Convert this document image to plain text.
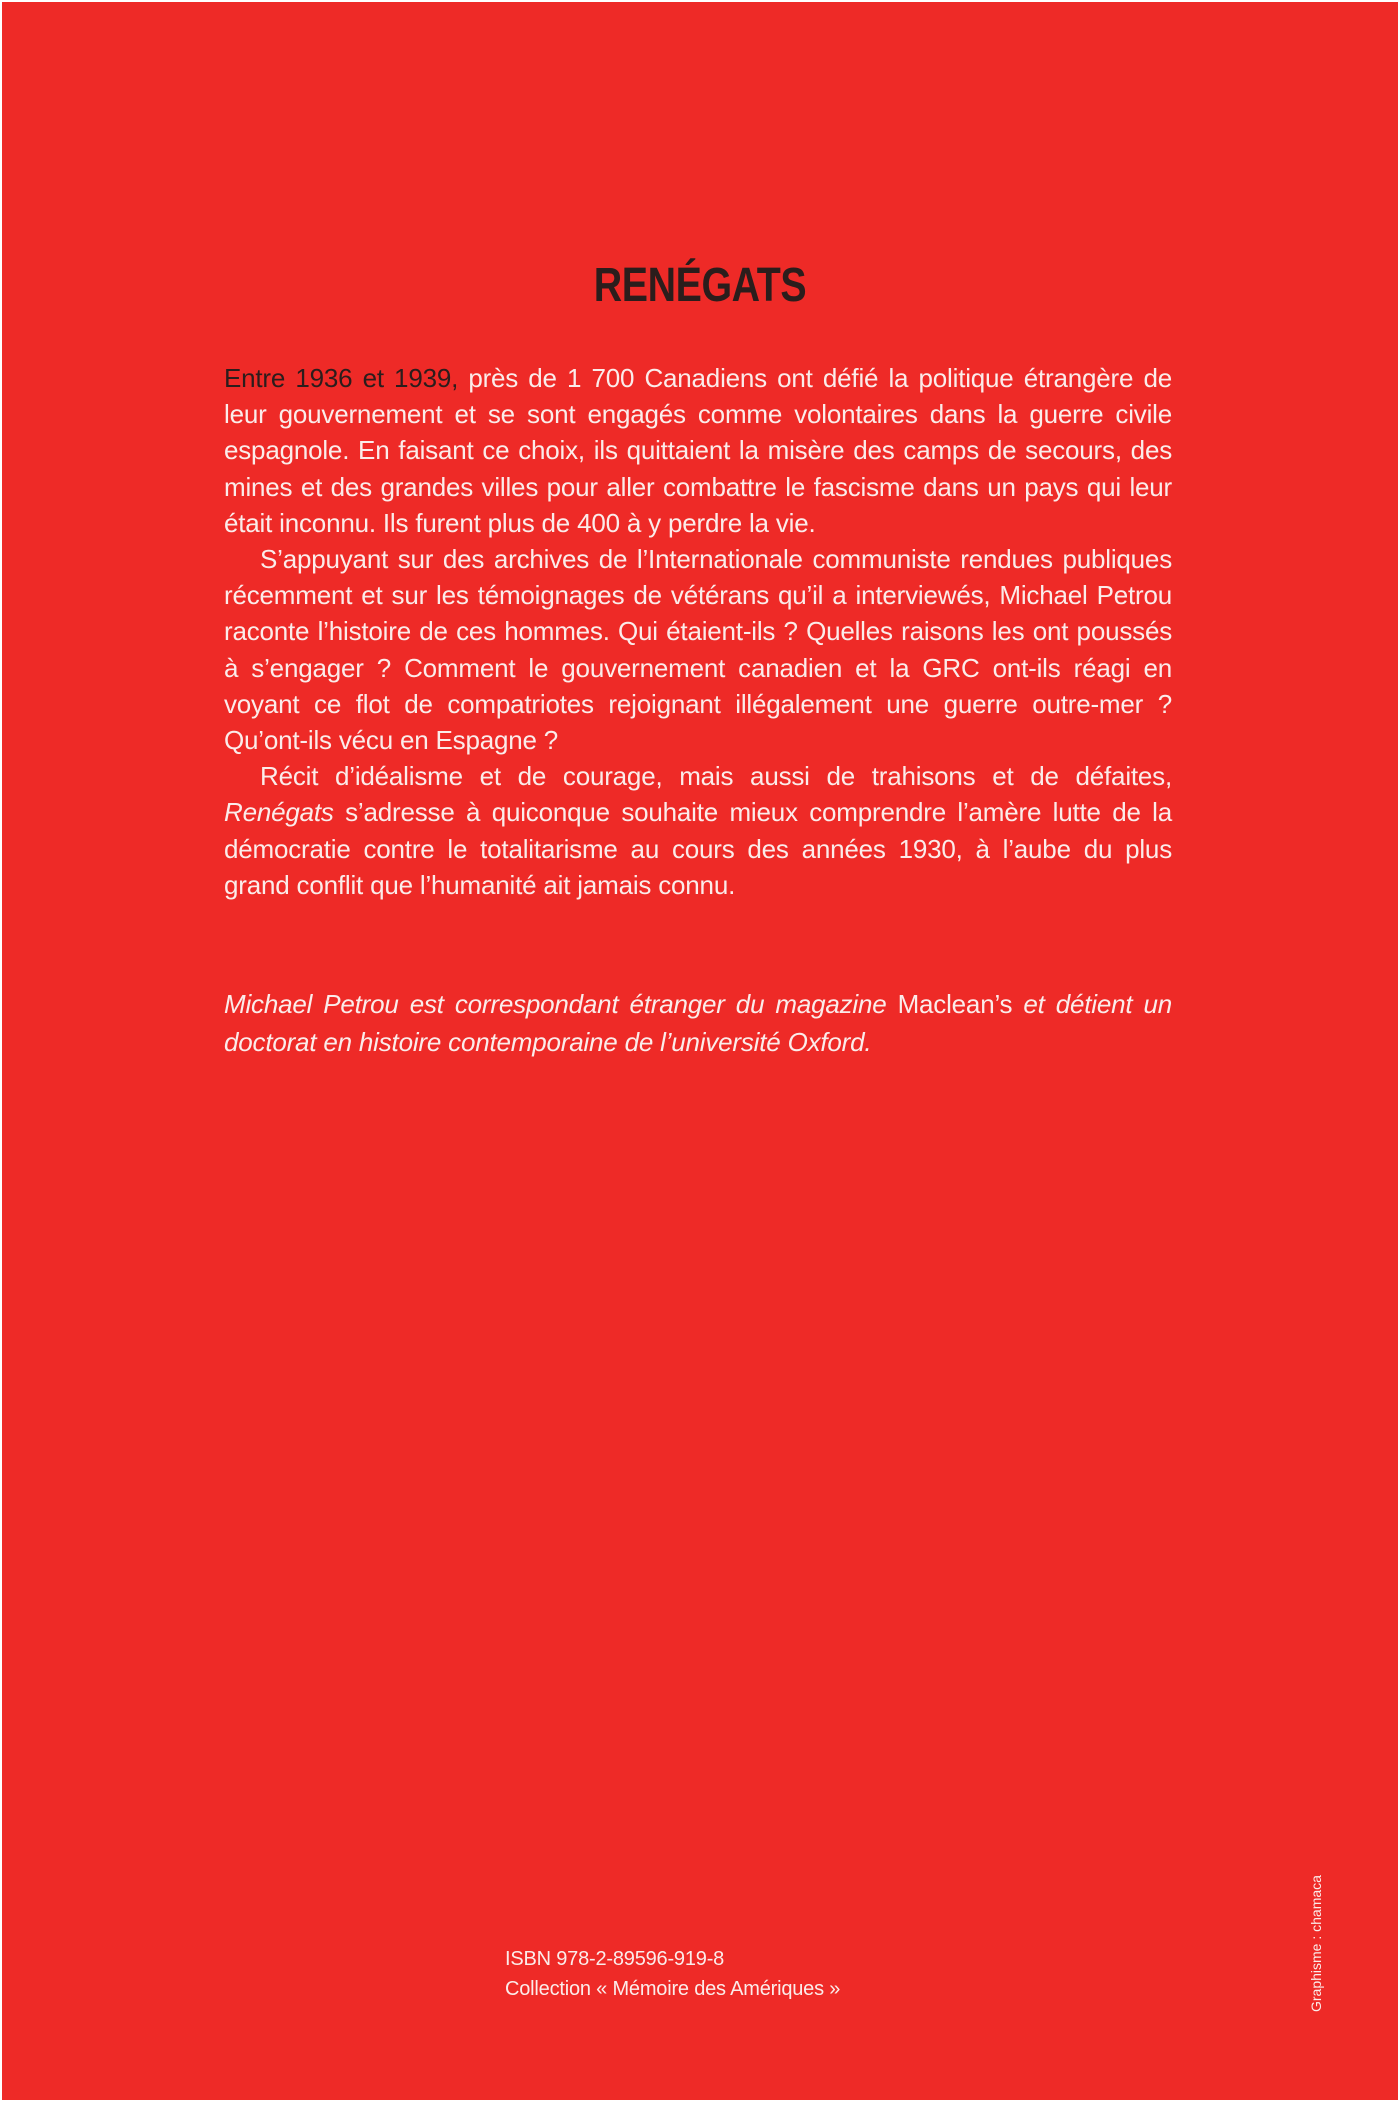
RENÉGATS

Entre 1936 et 1939, près de 1 700 Canadiens ont défié la politique étrangère de leur gouvernement et se sont engagés comme volontaires dans la guerre civile espagnole. En faisant ce choix, ils quittaient la misère des camps de secours, des mines et des grandes villes pour aller combattre le fascisme dans un pays qui leur était inconnu. Ils furent plus de 400 à y perdre la vie.

S’appuyant sur des archives de l’Internationale communiste rendues publiques récemment et sur les témoignages de vétérans qu’il a interviewés, Michael Petrou raconte l’histoire de ces hommes. Qui étaient-ils ? Quelles raisons les ont poussés à s’engager ? Comment le gouvernement canadien et la GRC ont-ils réagi en voyant ce flot de compatriotes rejoignant illégalement une guerre outre-mer ? Qu’ont-ils vécu en Espagne ?

Récit d’idéalisme et de courage, mais aussi de trahisons et de défaites, Renégats s’adresse à quiconque souhaite mieux comprendre l’amère lutte de la démocratie contre le totalitarisme au cours des années 1930, à l’aube du plus grand conflit que l’humanité ait jamais connu.

Michael Petrou est correspondant étranger du magazine Maclean’s et détient un doctorat en histoire contemporaine de l’université Oxford.

ISBN 978-2-89596-919-8
Collection « Mémoire des Amériques »	Graphisme : chamaca
